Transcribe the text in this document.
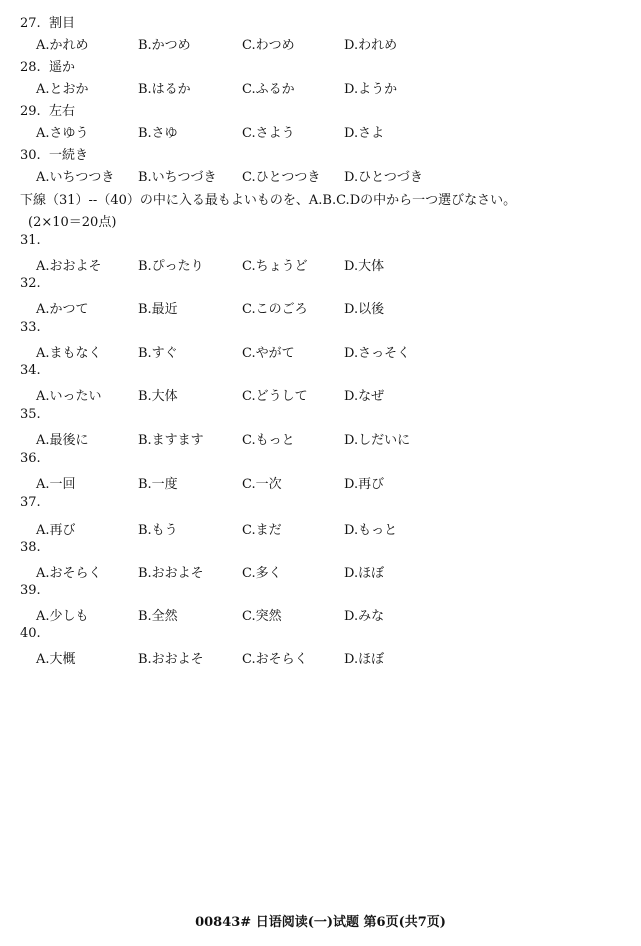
27. 割目
A.かれめ	B.かつめ	C.わつめ	D.われめ
28. 遥か
A.とおか	B.はるか	C.ふるか	D.ようか
29. 左右
A.さゆう	B.さゆ	C.さよう	D.さよ
30. 一続き
A.いちつつき B.いちつづき C.ひとつつき D.ひとつづき
下線（31）--（40）の中に入る最もよいものを、A.B.C.Dの中から一つ選びなさい。
(2×10＝20点)
31.
A.おおよそ	B.ぴったり	C.ちょうど	D.大体
32.
A.かつて	B.最近	C.このごろ	D.以後
33.
A.まもなく	B.すぐ	C.やがて	D.さっそく
34.
A.いったい	B.大体	C.どうして	D.なぜ
35.
A.最後に	B.ますます	C.もっと	D.しだいに
36.
A.一回	B.一度	C.一次	D.再び
37.
A.再び	B.もう	C.まだ	D.もっと
38.
A.おそらく	B.おおよそ	C.多く	D.ほぼ
39.
A.少しも	B.全然	C.突然	D.みな
40.
A.大概	B.おおよそ	C.おそらく	D.ほぼ
00843# 日语阅读(一)试题 第6页(共7页)
